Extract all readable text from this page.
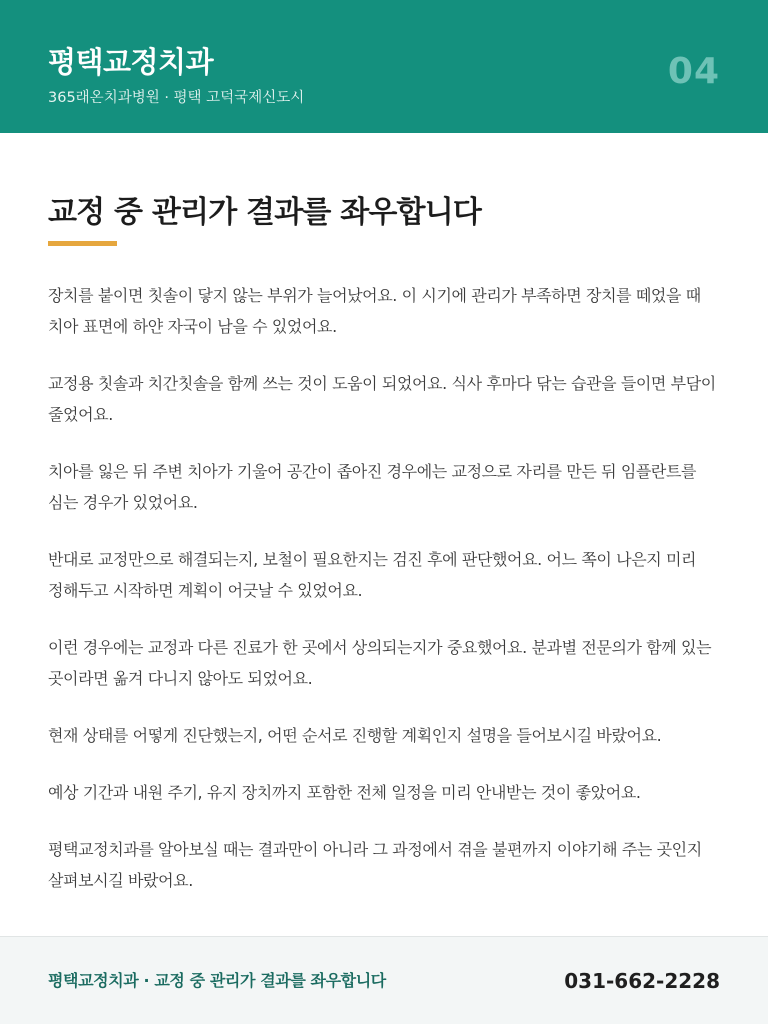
평택교정치과
365래온치과병원 · 평택 고덕국제신도시
04
교정 중 관리가 결과를 좌우합니다

장치를 붙이면 칫솔이 닿지 않는 부위가 늘어났어요. 이 시기에 관리가 부족하면 장치를 떼었을 때 치아 표면에 하얀 자국이 남을 수 있었어요.

교정용 칫솔과 치간칫솔을 함께 쓰는 것이 도움이 되었어요. 식사 후마다 닦는 습관을 들이면 부담이 줄었어요.

치아를 잃은 뒤 주변 치아가 기울어 공간이 좁아진 경우에는 교정으로 자리를 만든 뒤 임플란트를 심는 경우가 있었어요.

반대로 교정만으로 해결되는지, 보철이 필요한지는 검진 후에 판단했어요. 어느 쪽이 나은지 미리 정해두고 시작하면 계획이 어긋날 수 있었어요.

이런 경우에는 교정과 다른 진료가 한 곳에서 상의되는지가 중요했어요. 분과별 전문의가 함께 있는 곳이라면 옮겨 다니지 않아도 되었어요.

현재 상태를 어떻게 진단했는지, 어떤 순서로 진행할 계획인지 설명을 들어보시길 바랐어요.

예상 기간과 내원 주기, 유지 장치까지 포함한 전체 일정을 미리 안내받는 것이 좋았어요.

평택교정치과를 알아보실 때는 결과만이 아니라 그 과정에서 겪을 불편까지 이야기해 주는 곳인지 살펴보시길 바랐어요.

평택교정치과 · 교정 중 관리가 결과를 좌우합니다	031-662-2228
